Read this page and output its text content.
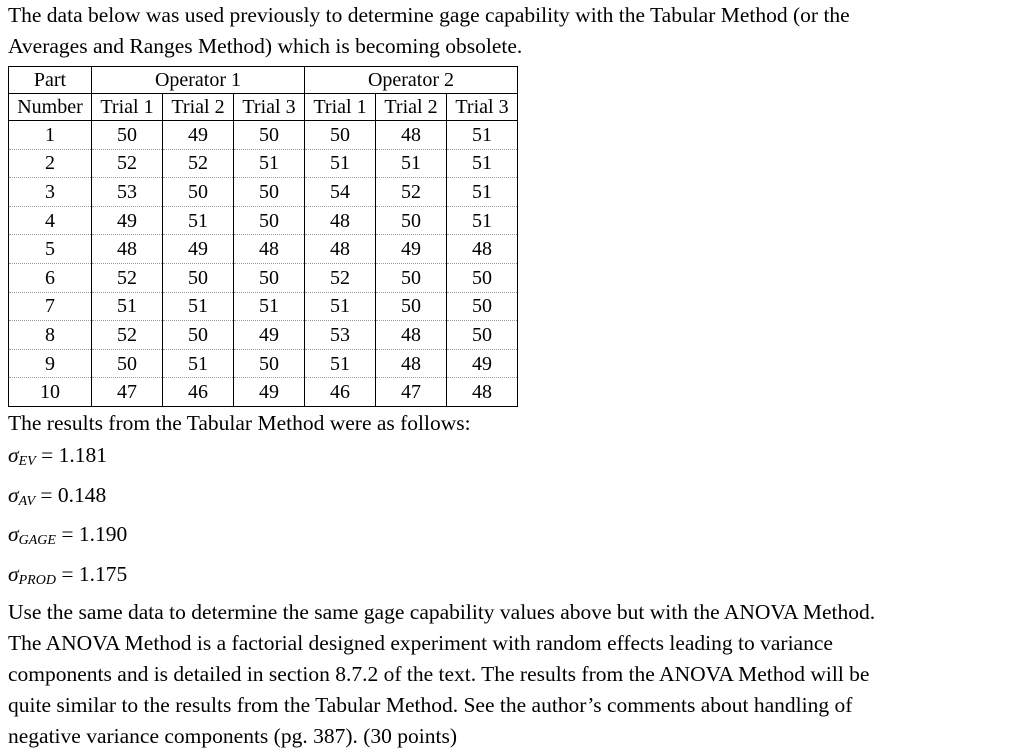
The data below was used previously to determine gage capability with the Tabular Method (or the
Averages and Ranges Method) which is becoming obsolete.

Part	Operator 1			Operator 2		
Number	Trial 1	Trial 2	Trial 3	Trial 1	Trial 2	Trial 3
1	50	49	50	50	48	51
2	52	52	51	51	51	51
3	53	50	50	54	52	51
4	49	51	50	48	50	51
5	48	49	48	48	49	48
6	52	50	50	52	50	50
7	51	51	51	51	50	50
8	52	50	49	53	48	50
9	50	51	50	51	48	49
10	47	46	49	46	47	48

The results from the Tabular Method were as follows:

$\sigma_{EV} = 1.181$

$\sigma_{AV} = 0.148$

$\sigma_{GAGE} = 1.190$

$\sigma_{PROD} = 1.175$

Use the same data to determine the same gage capability values above but with the ANOVA Method.
The ANOVA Method is a factorial designed experiment with random effects leading to variance
components and is detailed in section 8.7.2 of the text. The results from the ANOVA Method will be
quite similar to the results from the Tabular Method. See the author’s comments about handling of
negative variance components (pg. 387). (30 points)
